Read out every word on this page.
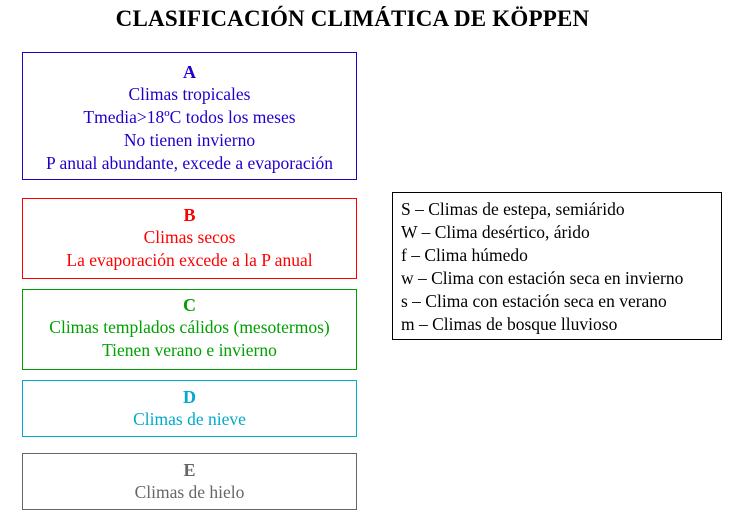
CLASIFICACIÓN CLIMÁTICA DE KÖPPEN
A
Climas tropicales
Tmedia>18ºC todos los meses
No tienen invierno
P anual abundante, excede a evaporación
B
Climas secos
La evaporación excede a la P anual
C
Climas templados cálidos (mesotermos)
Tienen verano e invierno
D
Climas de nieve
E
Climas de hielo
S – Climas de estepa, semiárido
W – Clima desértico, árido
f – Clima húmedo
w – Clima con estación seca en invierno
s – Clima con estación seca en verano
m – Climas de bosque lluvioso
